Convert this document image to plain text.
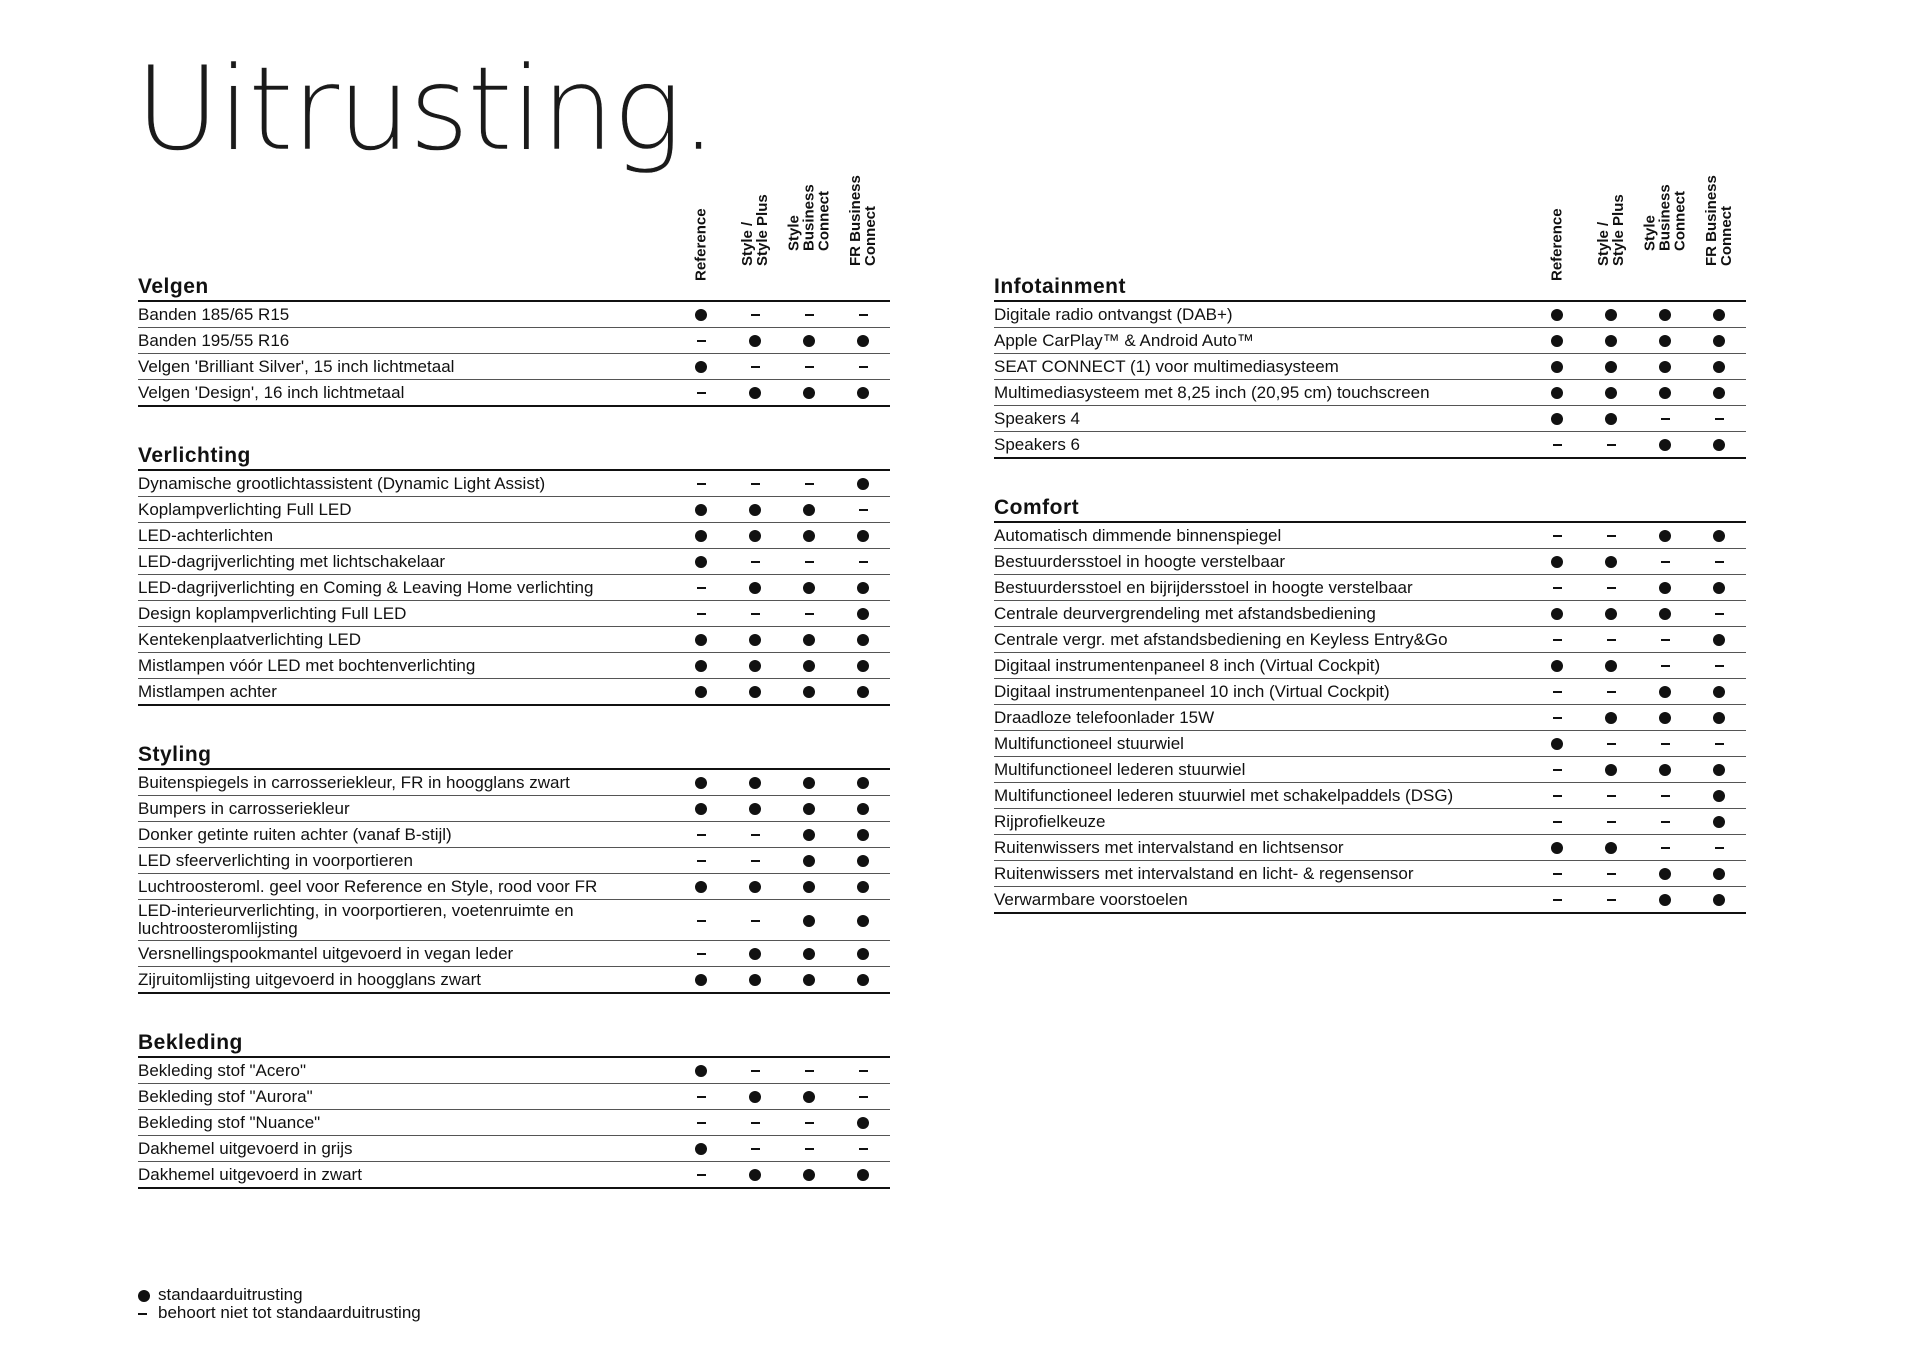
Uitrusting.
Velgen
Reference Style /
Style Plus
Style
Business
Connect
FR Business
Connect
Banden 185/65 R15
Banden 195/55 R16
Velgen 'Brilliant Silver', 15 inch lichtmetaal
Velgen 'Design', 16 inch lichtmetaal
Verlichting
Dynamische grootlichtassistent (Dynamic Light Assist)
Koplampverlichting Full LED
LED-achterlichten
LED-dagrijverlichting met lichtschakelaar
LED-dagrijverlichting en Coming & Leaving Home verlichting
Design koplampverlichting Full LED
Kentekenplaatverlichting LED
Mistlampen vóór LED met bochtenverlichting
Mistlampen achter
Styling
Buitenspiegels in carrosseriekleur, FR in hoogglans zwart
Bumpers in carrosseriekleur
Donker getinte ruiten achter (vanaf B-stijl)
LED sfeerverlichting in voorportieren
Luchtroosteroml. geel voor Reference en Style, rood voor FR
LED-interieurverlichting, in voorportieren, voetenruimte en luchtroosteromlijsting
Versnellingspookmantel uitgevoerd in vegan leder
Zijruitomlijsting uitgevoerd in hoogglans zwart
Bekleding
Bekleding stof "Acero"
Bekleding stof "Aurora"
Bekleding stof "Nuance"
Dakhemel uitgevoerd in grijs
Dakhemel uitgevoerd in zwart
Infotainment
Reference Style /
Style Plus
Style
Business
Connect
FR Business
Connect
Digitale radio ontvangst (DAB+)
Apple CarPlay™ & Android Auto™
SEAT CONNECT (1) voor multimediasysteem
Multimediasysteem met 8,25 inch (20,95 cm) touchscreen
Speakers 4
Speakers 6
Comfort
Automatisch dimmende binnenspiegel
Bestuurdersstoel in hoogte verstelbaar
Bestuurdersstoel en bijrijdersstoel in hoogte verstelbaar
Centrale deurvergrendeling met afstandsbediening
Centrale vergr. met afstandsbediening en Keyless Entry&Go
Digitaal instrumentenpaneel 8 inch (Virtual Cockpit)
Digitaal instrumentenpaneel 10 inch (Virtual Cockpit)
Draadloze telefoonlader 15W
Multifunctioneel stuurwiel
Multifunctioneel lederen stuurwiel
Multifunctioneel lederen stuurwiel met schakelpaddels (DSG)
Rijprofielkeuze
Ruitenwissers met intervalstand en lichtsensor
Ruitenwissers met intervalstand en licht- & regensensor
Verwarmbare voorstoelen
standaarduitrusting
behoort niet tot standaarduitrusting
